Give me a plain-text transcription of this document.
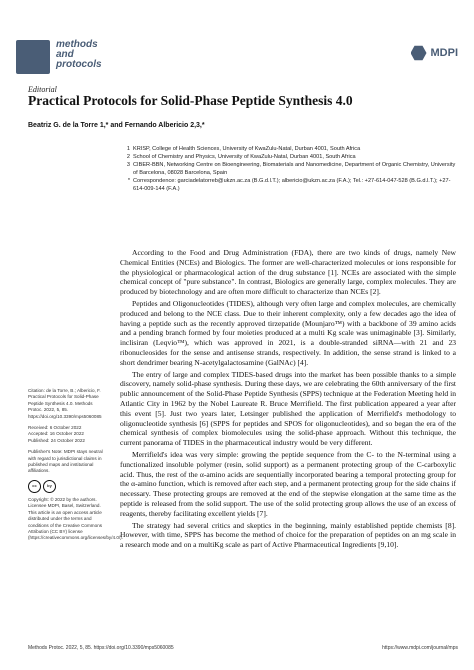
methods
and
protocols
MDPI
Editorial
Practical Protocols for Solid-Phase Peptide Synthesis 4.0
Beatriz G. de la Torre 1,* and Fernando Albericio 2,3,*
1 KRISP, College of Health Sciences, University of KwaZulu-Natal, Durban 4001, South Africa
2 School of Chemistry and Physics, University of KwaZulu-Natal, Durban 4001, South Africa
3 CIBER-BBN, Networking Centre on Bioengineering, Biomaterials and Nanomedicine, Department of Organic Chemistry, University of Barcelona, 08028 Barcelona, Spain
* Correspondence: garciadelatorreb@ukzn.ac.za (B.G.d.l.T.); albericio@ukzn.ac.za (F.A.); Tel.: +27-614-047-528 (B.G.d.l.T.); +27-614-009-144 (F.A.)

Citation: de la Torre, B.; Albericio, F. Practical Protocols for Solid-Phase Peptide Synthesis 4.0. Methods Protoc. 2022, 5, 85. https://doi.org/10.3390/mps5060085

Received: 6 October 2022
Accepted: 16 October 2022
Published: 24 October 2022

Publisher's Note: MDPI stays neutral with regard to jurisdictional claims in published maps and institutional affiliations.

cc	by

Copyright: © 2022 by the authors. Licensee MDPI, Basel, Switzerland. This article is an open access article distributed under the terms and conditions of the Creative Commons Attribution (CC BY) license (https://creativecommons.org/licenses/by/4.0/).

According to the Food and Drug Administration (FDA), there are two kinds of drugs, namely New Chemical Entities (NCEs) and Biologics. The former are well-characterized molecules or ions responsible for the physiological or pharmacological action of the drug substance [1]. NCEs are associated with the simple chemical concept of "pure substance". In contrast, Biologics are generally large, complex molecules. They are produced by biotechnology and are often more difficult to characterize than NCEs [2].

Peptides and Oligonucleotides (TIDES), although very often large and complex molecules, are chemically produced and belong to the NCE class. Due to their inherent complexity, only a few decades ago the idea of having a peptide such as the recently approved tirzepatide (Mounjaro™) with a backbone of 39 amino acids and a pending branch formed by four moieties produced at a multi Kg scale was unimaginable [3]. Similarly, inclisiran (Leqvio™), which was approved in 2021, is a double-stranded siRNA—with 21 and 23 ribonucleosides for the sense and antisense strands, respectively. In addition, the sense strand is linked to a short dendrimer bearing N-acetylgalactosamine (GalNAc) [4].

The entry of large and complex TIDES-based drugs into the market has been possible thanks to a simple discovery, namely solid-phase synthesis. During these days, we are celebrating the 60th anniversary of the first public announcement of the Solid-Phase Peptide Synthesis (SPPS) technique at the Federation Meeting held in Atlantic City in 1962 by the Nobel Laureate R. Bruce Merrifield. The first publication appeared a year after this event [5]. Just two years later, Letsinger published the application of Merrifield's methodology to oligonucleotide synthesis [6] (SPPS for peptides and SPOS for oligonucleotides), and so began the era of the chemical synthesis of complex biomolecules using the solid-phase approach. Without this technique, the current panorama of TIDES in the pharmaceutical industry would be very different.

Merrifield's idea was very simple: growing the peptide sequence from the C- to the N-terminal using a functionalized insoluble polymer (resin, solid support) as a permanent protecting group of the C-carboxylic acid. Thus, the rest of the α-amino acids are sequentially incorporated bearing a temporal protecting group for the α-amino function, which is removed after each step, and a permanent protecting group for the side chains if necessary. These protecting groups are removed at the end of the stepwise elongation at the same time as the peptide is released from the solid support. The use of the solid protecting group allows the use of an excess of reagents, thereby facilitating excellent yields [7].

The strategy had several critics and skeptics in the beginning, mainly established peptide chemists [8]. However, with time, SPPS has become the method of choice for the preparation of peptides on an mg scale in a research mode and on a multiKg scale as part of Active Pharmaceutical Ingredients [9,10].

Methods Protoc. 2022, 5, 85. https://doi.org/10.3390/mps5060085	https://www.mdpi.com/journal/mps
